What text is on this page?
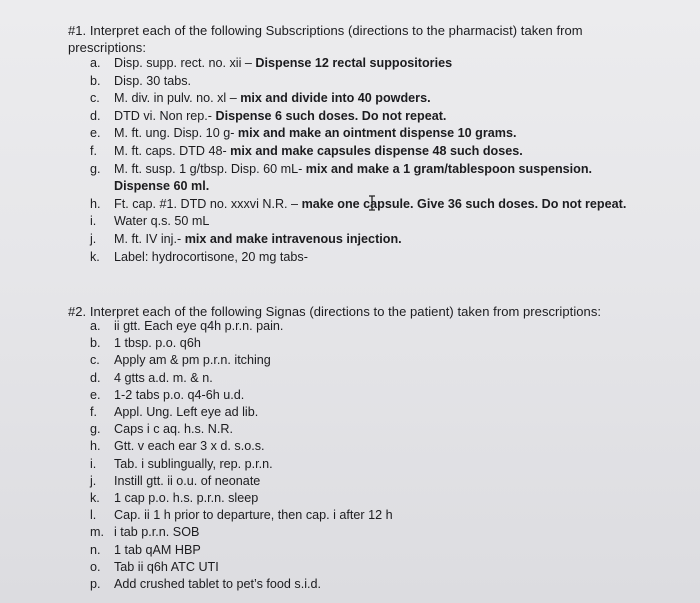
#1. Interpret each of the following Subscriptions (directions to the pharmacist) taken from prescriptions:
a.	Disp. supp. rect. no. xii – Dispense 12 rectal suppositories
b.	Disp. 30 tabs.
c.	M. div. in pulv. no. xl – mix and divide into 40 powders.
d.	DTD vi. Non rep.- Dispense 6 such doses. Do not repeat.
e.	M. ft. ung. Disp. 10 g- mix and make an ointment dispense 10 grams.
f.	M. ft. caps. DTD 48- mix and make capsules dispense 48 such doses.
g.	M. ft. susp. 1 g/tbsp. Disp. 60 mL- mix and make a 1 gram/tablespoon suspension. Dispense 60 ml.
h.	Ft. cap. #1. DTD no. xxxvi N.R. – make one capsule. Give 36 such doses. Do not repeat.
i.	Water q.s. 50 mL
j.	M. ft. IV inj.- mix and make intravenous injection.
k.	Label: hydrocortisone, 20 mg tabs-
#2. Interpret each of the following Signas (directions to the patient) taken from prescriptions:
a.	ii gtt. Each eye q4h p.r.n. pain.
b.	1 tbsp. p.o. q6h
c.	Apply am & pm p.r.n. itching
d.	4 gtts a.d. m. & n.
e.	1-2 tabs p.o. q4-6h u.d.
f.	Appl. Ung. Left eye ad lib.
g.	Caps i c aq. h.s. N.R.
h.	Gtt. v each ear 3 x d. s.o.s.
i.	Tab. i sublingually, rep. p.r.n.
j.	Instill gtt. ii o.u. of neonate
k.	1 cap p.o. h.s. p.r.n. sleep
l.	Cap. ii 1 h prior to departure, then cap. i after 12 h
m. i tab p.r.n. SOB
n.	1 tab qAM HBP
o.	Tab ii q6h ATC UTI
p.	Add crushed tablet to pet’s food s.i.d.
